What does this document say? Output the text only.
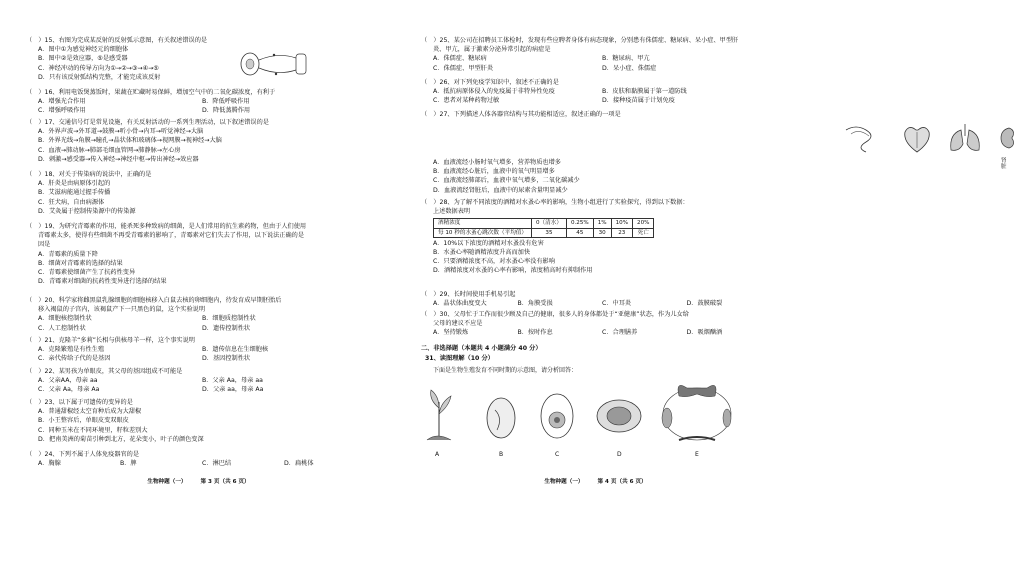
（　）15、右图为完成某反射的反射弧示意图，有关叙述错误的是
A．图中①为感觉神经元的细胞体
B．图中②是效应器，⑤是感受器
C．神经冲动的传导方向为①→②→③→④→⑤
D．只有该反射弧结构完整，才能完成该反射
（　）16、利用电饭煲蒸饭时，果蔬在贮藏时易保鲜，增加空气中的二氧化碳浓度，有利于
A．增强光合作用	B．降低呼吸作用
C．增强呼吸作用	D．降低蒸腾作用
（　）17、交通信号灯是常见设施，有关反射活动的一系列生理活动，以下叙述错误的是
A．外界声波→外耳道→鼓膜→听小骨→内耳→听觉神经→大脑
B．外界光线→角膜→瞳孔→晶状体和玻璃体→视网膜→视神经→大脑
C．血液→肺动脉→肺部毛细血管网→肺静脉→左心房
D．刺激→感受器→传入神经→神经中枢→传出神经→效应器
（　）18、对关于传染病的说法中，正确的是
A．肝炎是由病原体引起的
B．艾滋病能通过握手传播
C．狂犬病，自由病源体
D．艾灸属于控制传染源中的传染源
（　）19、为研究青霉素的作用，能杀死多种致病的细菌，是人们常用的抗生素药物，但由于人们使用
青霉素太多，使得有些细菌不再受青霉素的影响了，青霉素对它们失去了作用，以下说法正确的是
因是
A．青霉素的质量下降
B．细菌对青霉素的选择的结果
C．青霉素使细菌产生了抗药性变异
D．青霉素对细菌的抗药性变异进行选择的结果
（　）20、科学家将雌黑鼠乳腺细胞的细胞核移入白鼠去核的卵细胞内，待发育成早期胚胎后
移入褐鼠的子宫内，该褐鼠产下一只黑色的鼠，这个实验说明
A．细胞核控制性状	B．细胞质控制性状
C．人工控制性状	D．遗传控制性状
（　）21、克隆羊“多莉”长相与供核母羊一样，这个事实说明
A．克隆繁殖是有性生殖	B．遗传信息在生细胞核
C．亲代传给子代的是基因	D．基因控制性状
（　）22、某男孩为单眼皮，其父母的基因组成不可能是
A．父亲AA，母亲 aa	B．父亲 Aa，母亲 aa
C．父亲 Aa，母亲 Aa	D．父亲 aa，母亲 Aa
（　）23、以下属于可遗传的变异的是
A．普通甜椒经太空育种后成为大甜椒
B．小王整容后，单眼皮变双眼皮
C．同种玉米在不同环境里，籽粒差别大
D．把南美洲的菊苗引种到北方，花朵变小，叶子的颜色变深
（　）24、下列不属于人体免疫器官的是
A．胸腺	B．脾	C．淋巴结	D．扁桃体
生物种题（一）　　　第 3 页（共 6 页）
（　）25、某公司在招聘员工体检时，发现有些应聘者身体有病态现象，分别患有侏儒症、糖尿病、呆小症、甲型肝
炎、甲亢，属于激素分泌异常引起的病症是
A．侏儒症、糖尿病	B．糖尿病、甲亢
C．侏儒症、甲型肝炎	D．呆小症、侏儒症
（　）26、对下列免疫学知识中，叙述不正确的是
A．抵抗病原体侵入的免疫属于非特异性免疫	B．皮肤和黏膜属于第一道防线
C．患者对某种药物过敏	D．接种疫苗属于计划免疫
（　）27、下列描述人体各器官结构与其功能相适应，叙述正确的一项是
肾脏
A．血液流经小肠时氧气增多，营养物质也增多
B．血液流经心脏后，血液中的氧气明显增多
C．血液流经肺部后，血液中氧气增多，二氧化碳减少
D．血液流经肾脏后，血液中的尿素含量明显减少
（　）28、为了解不同浓度的酒精对水蚤心率的影响，生物小组进行了实验探究，得到以下数据：
上述数据表明
酒精浓度	0（清水）	0.25%	1%	10%	20%
每 10 秒的水蚤心跳次数（平均值）	35	45	30	23	死亡
A．10%以下浓度的酒精对水蚤没有危害
B．水蚤心率随酒精浓度升高而加快
C．只要酒精浓度不高，对水蚤心率没有影响
D．酒精浓度对水蚤的心率有影响，浓度稍高时有抑制作用
（　）29、长时间使用手机易引起
A．晶状体曲度变大	B．角膜受损	C．中耳炎	D．鼓膜破裂
（　）30、父母忙于工作而很少顾及自己的健康，很多人的身体都处于“亚健康”状态，作为儿女给
父母的建议不应是
A．坚持锻炼	B．按时作息	C．合理膳养	D．吸烟酗酒
二、非选择题（本题共 4 小题满分 40 分）
31、读图理解（10 分）
下面是生物生殖发育不同时期的示意图，请分析回答：
A	B	C	D	E
生物种题（一）　　　第 4 页（共 6 页）
